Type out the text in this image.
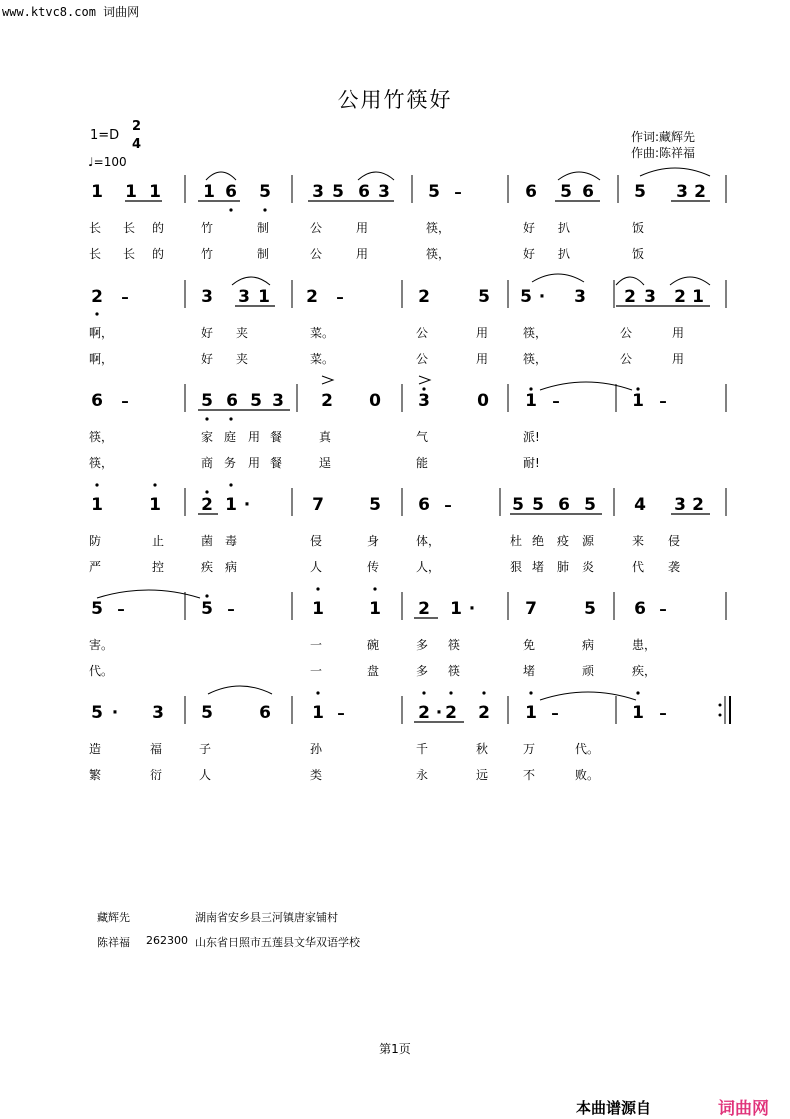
www.ktvc8.com 词曲网
公用竹筷好
1=D
2
4
♩=100
作词:藏辉先
作曲:陈祥福
1 1 1 1 6 5 3 5 6 3 5 –	6 5 6 5 3 2
2 –	3 3 1 2 –	2	5 5 · 3 2 3 2 1
6 –	5 6 5 3 2 0 3	0 1 –	1 –
1	1 2 1 ·	7	5 6 –	5 5 6 5 4 3 2
5 –	5 –	1	1 2 1 ·	7	5 6 –
5 · 3 5	6 1 –	2 · 2 2 1 –	1 –
长	长	的	竹	制	公	用	筷，	好	扒	饭
长	长	的	竹	制	公	用	筷，	好	扒	饭
啊，	好	夹	菜。	公	用	筷，	公	用
啊，	好	夹	菜。	公	用	筷，	公	用
筷，	家 庭 用 餐	真	气	派!
筷，	商 务 用 餐	逞	能	耐!
防	止	菌 毒	侵	身	体，	杜 绝	疫	源	来	侵
严	控	疾 病	人	传	人，	狠 堵	肺	炎	代	袭
害。	一	碗	多	筷	免	病	患，
代。	一	盘	多	筷	堵	顽	疾，
造	福	子	孙	千	秋	万	代。
繁	衍	人	类	永	远	不	败。
藏辉先	湖南省安乡县三河镇唐家铺村
陈祥福 262300 山东省日照市五莲县文华双语学校
第1页
本曲谱源自	词曲网
